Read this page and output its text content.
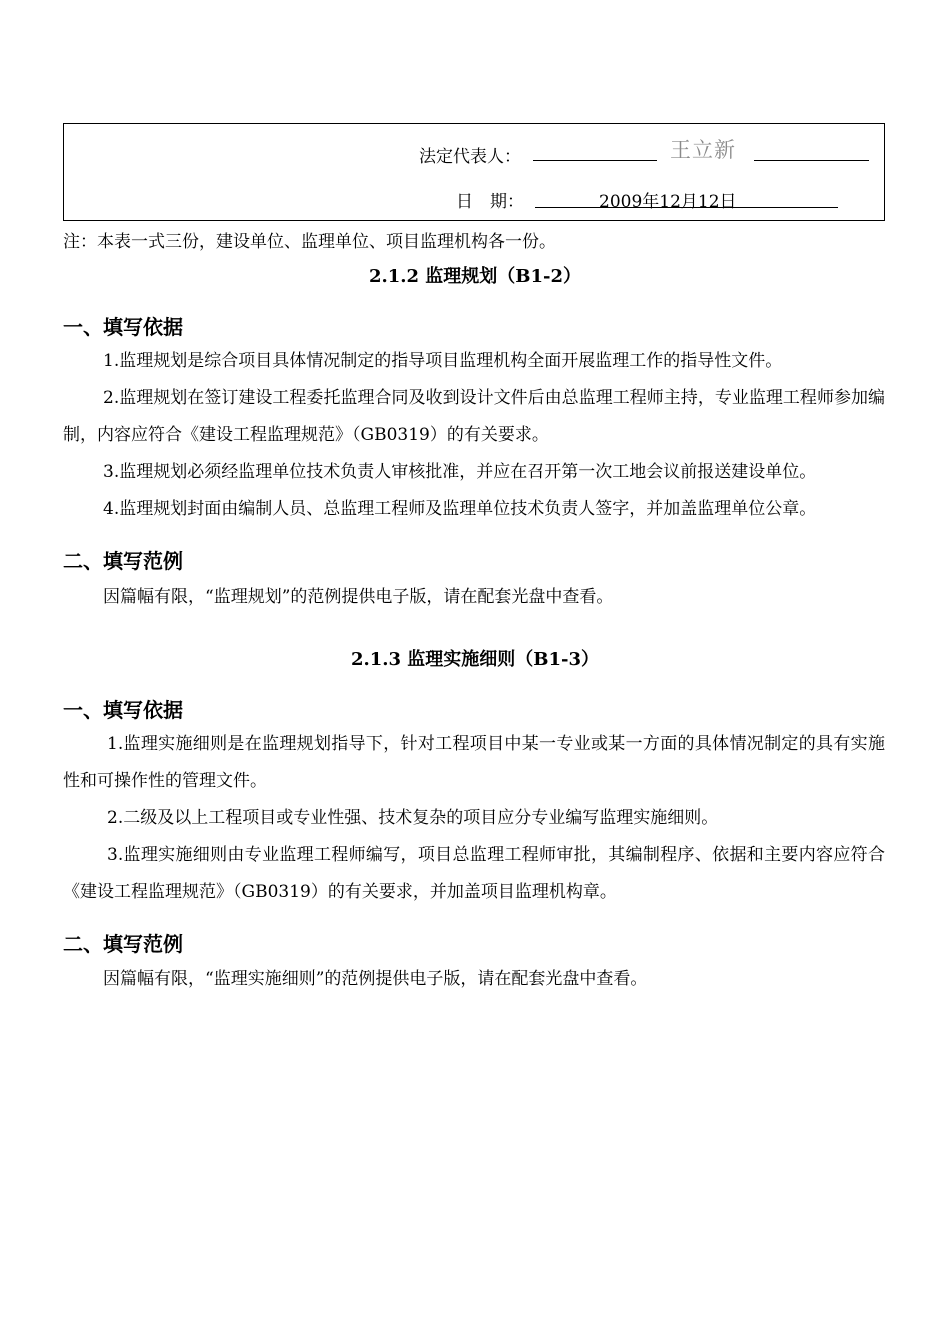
法定代表人：	王立新
日　期：	2009年12月12日
注：本表一式三份，建设单位、监理单位、项目监理机构各一份。
2.1.2 监理规划（B1-2）
一、填写依据

1.监理规划是综合项目具体情况制定的指导项目监理机构全面开展监理工作的指导性文件。

2.监理规划在签订建设工程委托监理合同及收到设计文件后由总监理工程师主持，专业监理工程师参加编制，内容应符合《建设工程监理规范》（GB0319）的有关要求。

3.监理规划必须经监理单位技术负责人审核批准，并应在召开第一次工地会议前报送建设单位。

4.监理规划封面由编制人员、总监理工程师及监理单位技术负责人签字，并加盖监理单位公章。

二、填写范例

因篇幅有限，“监理规划”的范例提供电子版，请在配套光盘中查看。

2.1.3 监理实施细则（B1-3）
一、填写依据

1.监理实施细则是在监理规划指导下，针对工程项目中某一专业或某一方面的具体情况制定的具有实施性和可操作性的管理文件。

2.二级及以上工程项目或专业性强、技术复杂的项目应分专业编写监理实施细则。

3.监理实施细则由专业监理工程师编写，项目总监理工程师审批，其编制程序、依据和主要内容应符合《建设工程监理规范》（GB0319）的有关要求，并加盖项目监理机构章。

二、填写范例

因篇幅有限，“监理实施细则”的范例提供电子版，请在配套光盘中查看。
